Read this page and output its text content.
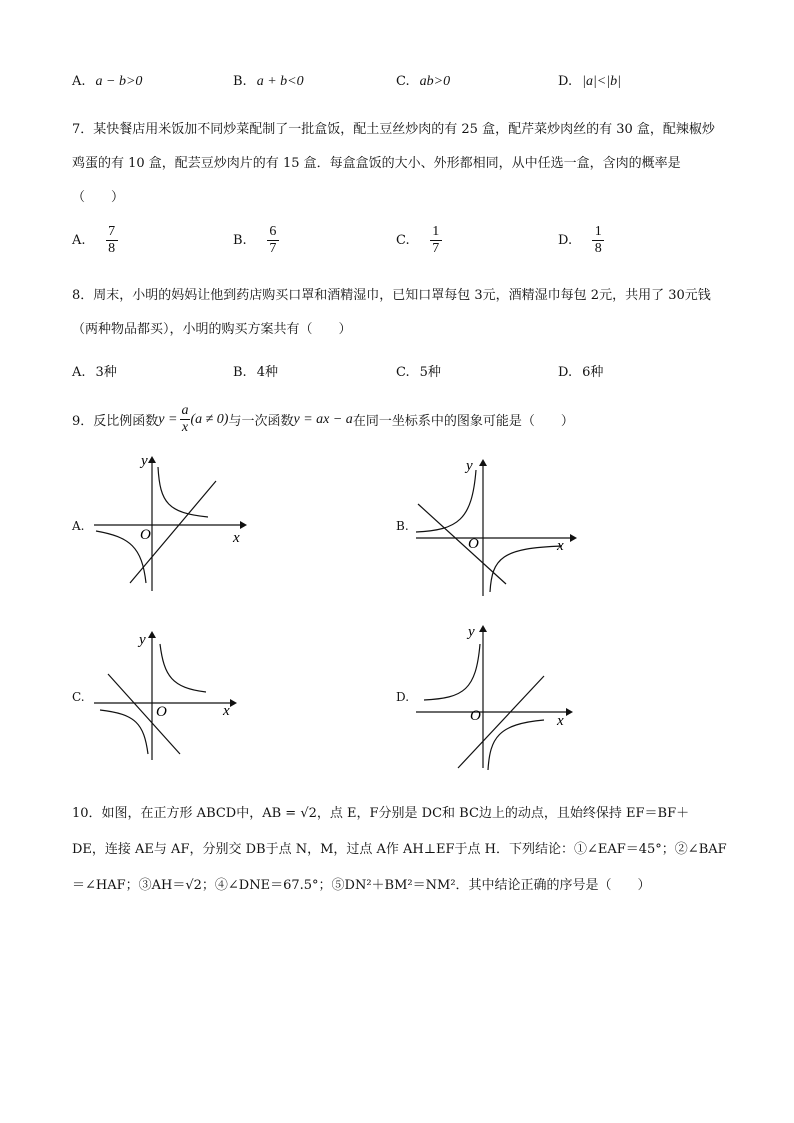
A. a − b>0	B. a + b<0	C. ab>0	D. |a|<|b|
7．某快餐店用米饭加不同炒菜配制了一批盒饭，配土豆丝炒肉的有 25 盒，配芹菜炒肉丝的有 30 盒，配辣椒炒鸡蛋的有 10 盒，配芸豆炒肉片的有 15 盒．每盒盒饭的大小、外形都相同，从中任选一盒，含肉的概率是（　　）
A. $\frac{7}{8}$	B. $\frac{6}{7}$	C. $\frac{1}{7}$	D. $\frac{1}{8}$
8．周末，小明的妈妈让他到药店购买口罩和酒精湿巾，已知口罩每包 3元，酒精湿巾每包 2元，共用了 30元钱（两种物品都买），小明的购买方案共有（　　）
A. 3种	B. 4种	C. 5种	D. 6种
9．反比例函数 $y = \frac{a}{x} (a \ne 0)$ 与一次函数 y = ax − a 在同一坐标系中的图象可能是（　　）
A.
y
x
O
B.
y
x
O
C.
y
x
O
D.
y
x
O
10．如图，在正方形 ABCD中，AB = √2，点 E，F分别是 DC和 BC边上的动点，且始终保持 EF＝BF＋
DE，连接 AE与 AF，分别交 DB于点 N，M，过点 A作 AH⊥EF于点 H．下列结论：①∠EAF＝45°；②∠BAF
＝∠HAF；③AH＝√2；④∠DNE＝67.5°；⑤DN²＋BM²＝NM²．其中结论正确的序号是（　　）
